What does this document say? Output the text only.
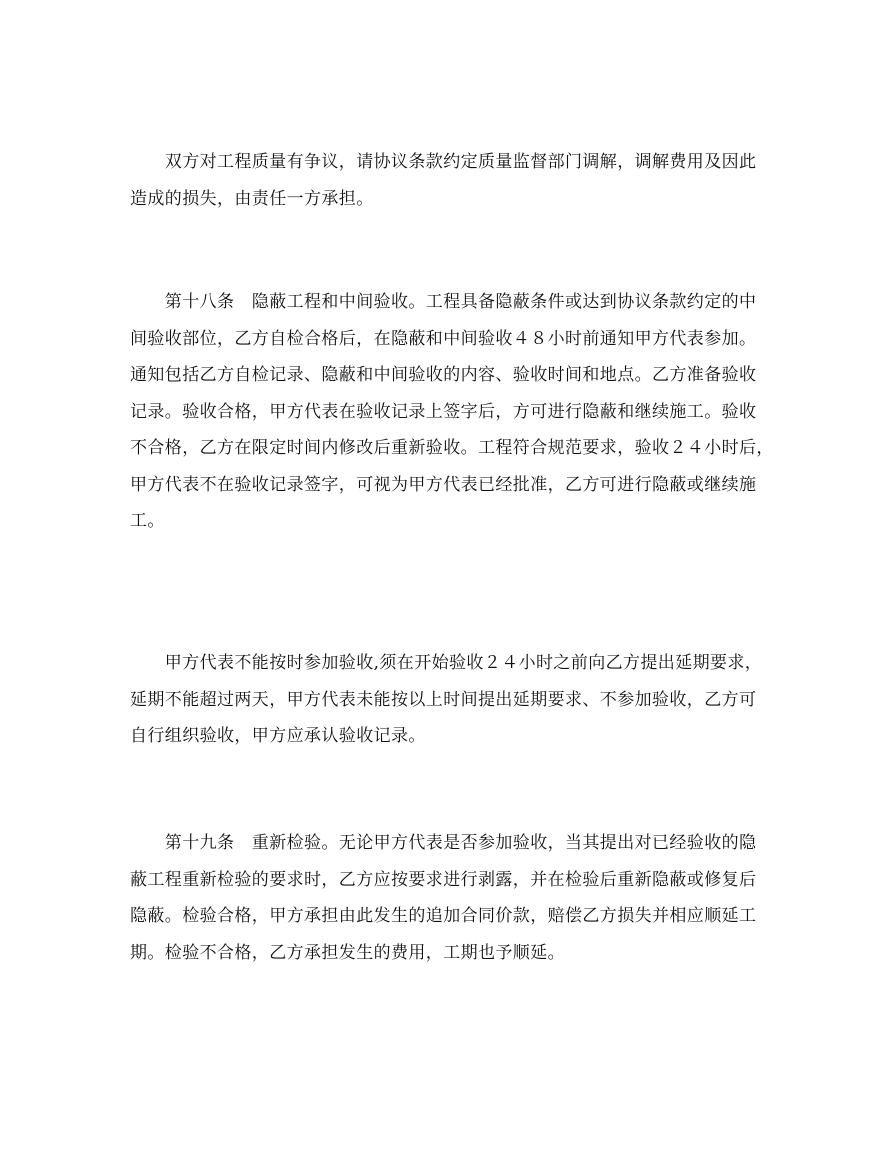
　　双方对工程质量有争议，请协议条款约定质量监督部门调解，调解费用及因此
造成的损失，由责任一方承担。
　　第十八条　隐蔽工程和中间验收。工程具备隐蔽条件或达到协议条款约定的中
间验收部位，乙方自检合格后，在隐蔽和中间验收４８小时前通知甲方代表参加。
通知包括乙方自检记录、隐蔽和中间验收的内容、验收时间和地点。乙方准备验收
记录。验收合格，甲方代表在验收记录上签字后，方可进行隐蔽和继续施工。验收
不合格，乙方在限定时间内修改后重新验收。工程符合规范要求，验收２４小时后，
甲方代表不在验收记录签字，可视为甲方代表已经批准，乙方可进行隐蔽或继续施
工。
　　甲方代表不能按时参加验收,须在开始验收２４小时之前向乙方提出延期要求，
延期不能超过两天，甲方代表未能按以上时间提出延期要求、不参加验收，乙方可
自行组织验收，甲方应承认验收记录。
　　第十九条　重新检验。无论甲方代表是否参加验收，当其提出对已经验收的隐
蔽工程重新检验的要求时，乙方应按要求进行剥露，并在检验后重新隐蔽或修复后
隐蔽。检验合格，甲方承担由此发生的追加合同价款，赔偿乙方损失并相应顺延工
期。检验不合格，乙方承担发生的费用，工期也予顺延。
